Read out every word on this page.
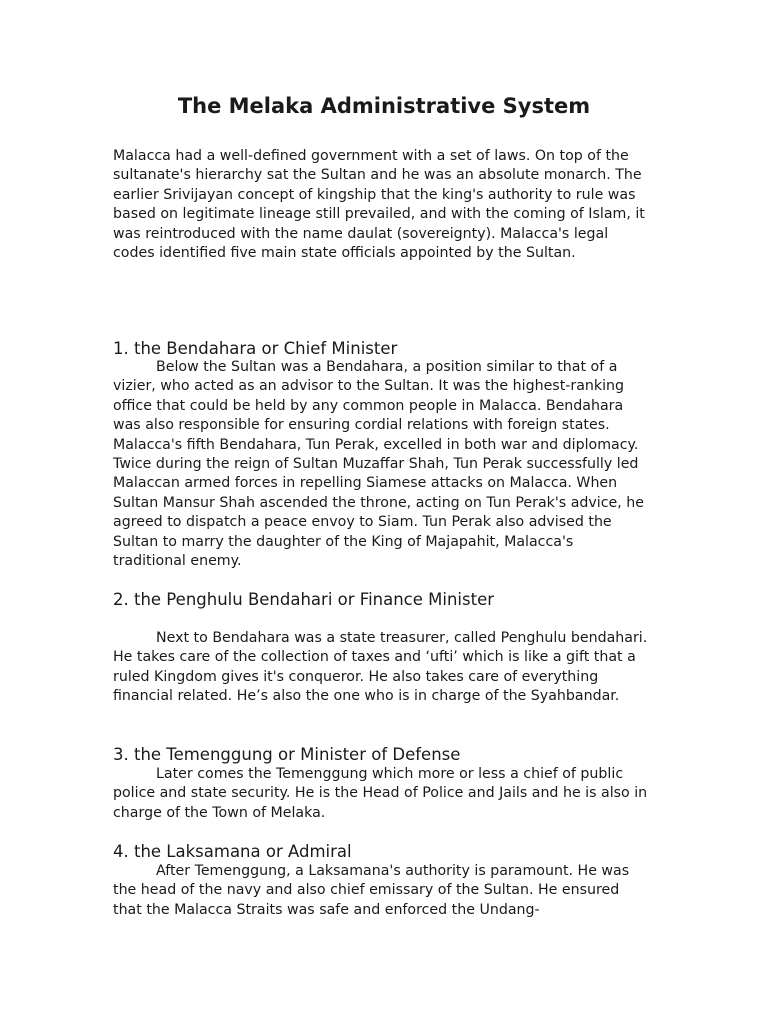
The Melaka Administrative System

Malacca had a well-defined government with a set of laws. On top of the sultanate's hierarchy sat the Sultan and he was an absolute monarch. The earlier Srivijayan concept of kingship that the king's authority to rule was based on legitimate lineage still prevailed, and with the coming of Islam, it was reintroduced with the name daulat (sovereignty). Malacca's legal codes identified five main state officials appointed by the Sultan.

1. the Bendahara or Chief Minister

Below the Sultan was a Bendahara, a position similar to that of a vizier, who acted as an advisor to the Sultan. It was the highest-ranking office that could be held by any common people in Malacca. Bendahara was also responsible for ensuring cordial relations with foreign states. Malacca's fifth Bendahara, Tun Perak, excelled in both war and diplomacy. Twice during the reign of Sultan Muzaffar Shah, Tun Perak successfully led Malaccan armed forces in repelling Siamese attacks on Malacca. When Sultan Mansur Shah ascended the throne, acting on Tun Perak's advice, he agreed to dispatch a peace envoy to Siam. Tun Perak also advised the Sultan to marry the daughter of the King of Majapahit, Malacca's traditional enemy.

2. the Penghulu Bendahari or Finance Minister

Next to Bendahara was a state treasurer, called Penghulu bendahari. He takes care of the collection of taxes and ‘ufti’ which is like a gift that a ruled Kingdom gives it's conqueror. He also takes care of everything financial related. He’s also the one who is in charge of the Syahbandar.

3. the Temenggung or Minister of Defense

Later comes the Temenggung which more or less a chief of public police and state security. He is the Head of Police and Jails and he is also in charge of the Town of Melaka.

4. the Laksamana or Admiral

After Temenggung, a Laksamana's authority is paramount. He was the head of the navy and also chief emissary of the Sultan. He ensured that the Malacca Straits was safe and enforced the Undang-
